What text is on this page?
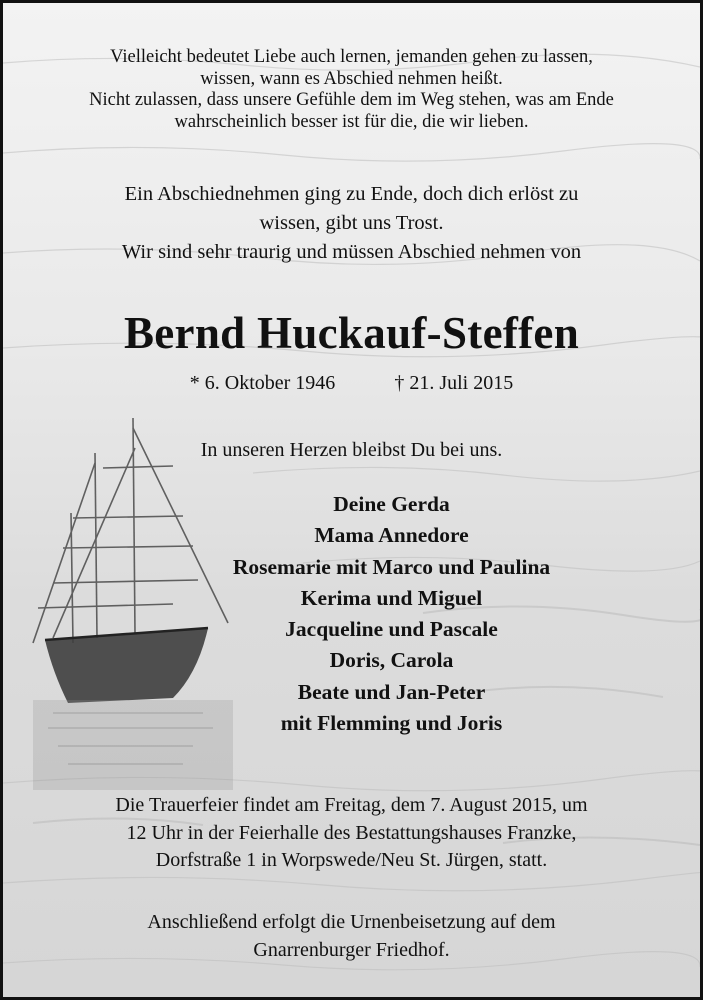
Vielleicht bedeutet Liebe auch lernen, jemanden gehen zu lassen,
wissen, wann es Abschied nehmen heißt.
Nicht zulassen, dass unsere Gefühle dem im Weg stehen, was am Ende
wahrscheinlich besser ist für die, die wir lieben.
Ein Abschiednehmen ging zu Ende, doch dich erlöst zu
wissen, gibt uns Trost.
Wir sind sehr traurig und müssen Abschied nehmen von
Bernd Huckauf-Steffen
* 6. Oktober 1946	† 21. Juli 2015
In unseren Herzen bleibst Du bei uns.
Deine Gerda
Mama Annedore
Rosemarie mit Marco und Paulina
Kerima und Miguel
Jacqueline und Pascale
Doris, Carola
Beate und Jan-Peter
mit Flemming und Joris
Die Trauerfeier findet am Freitag, dem 7. August 2015, um
12 Uhr in der Feierhalle des Bestattungshauses Franzke,
Dorfstraße 1 in Worpswede/Neu St. Jürgen, statt.
Anschließend erfolgt die Urnenbeisetzung auf dem
Gnarrenburger Friedhof.
